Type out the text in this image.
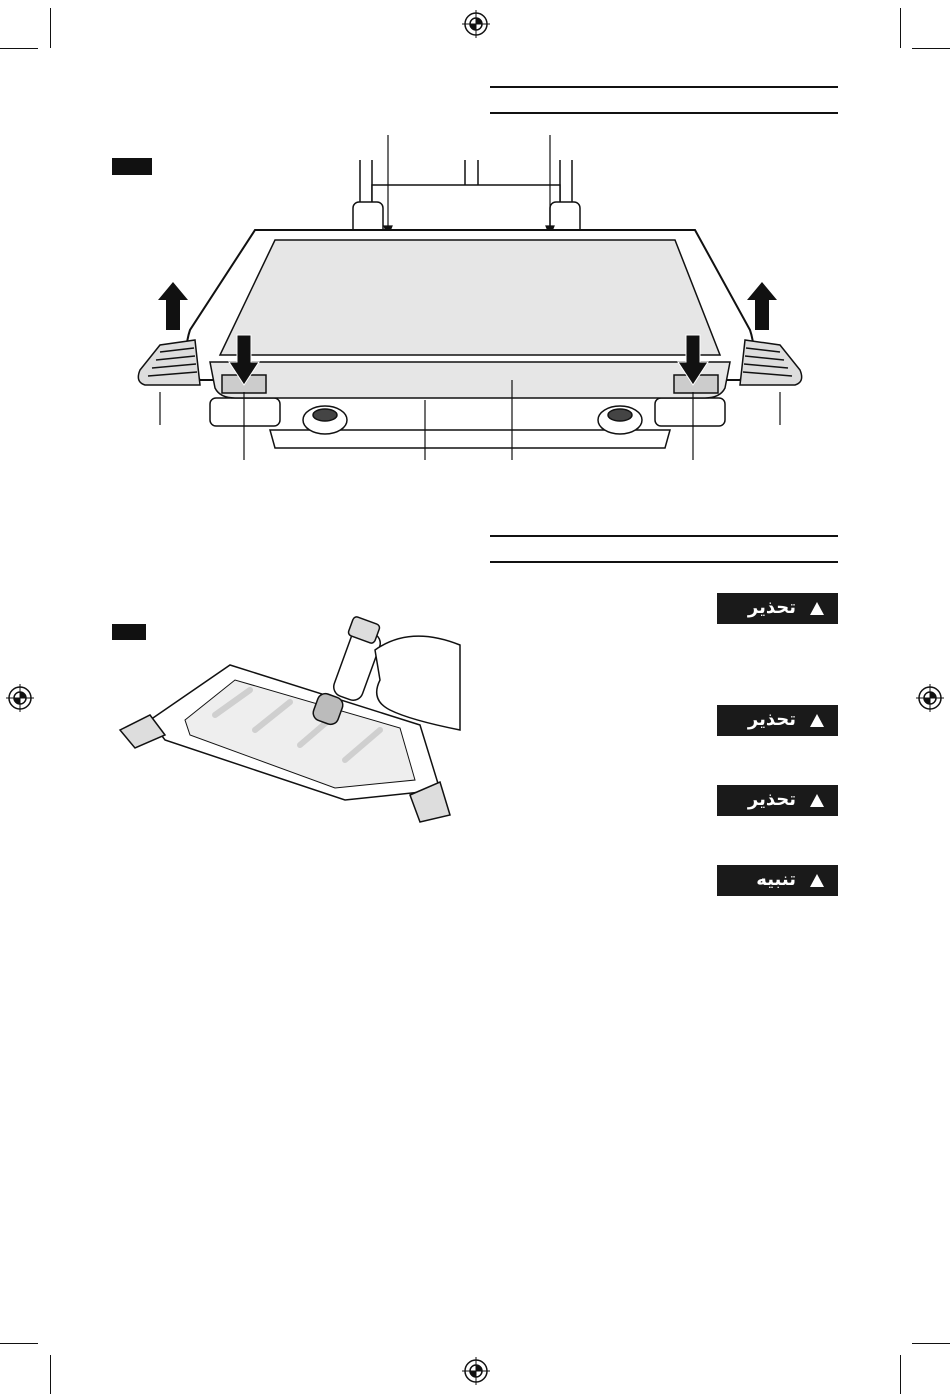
تحذير
تحذير
تحذير
تنبيه
